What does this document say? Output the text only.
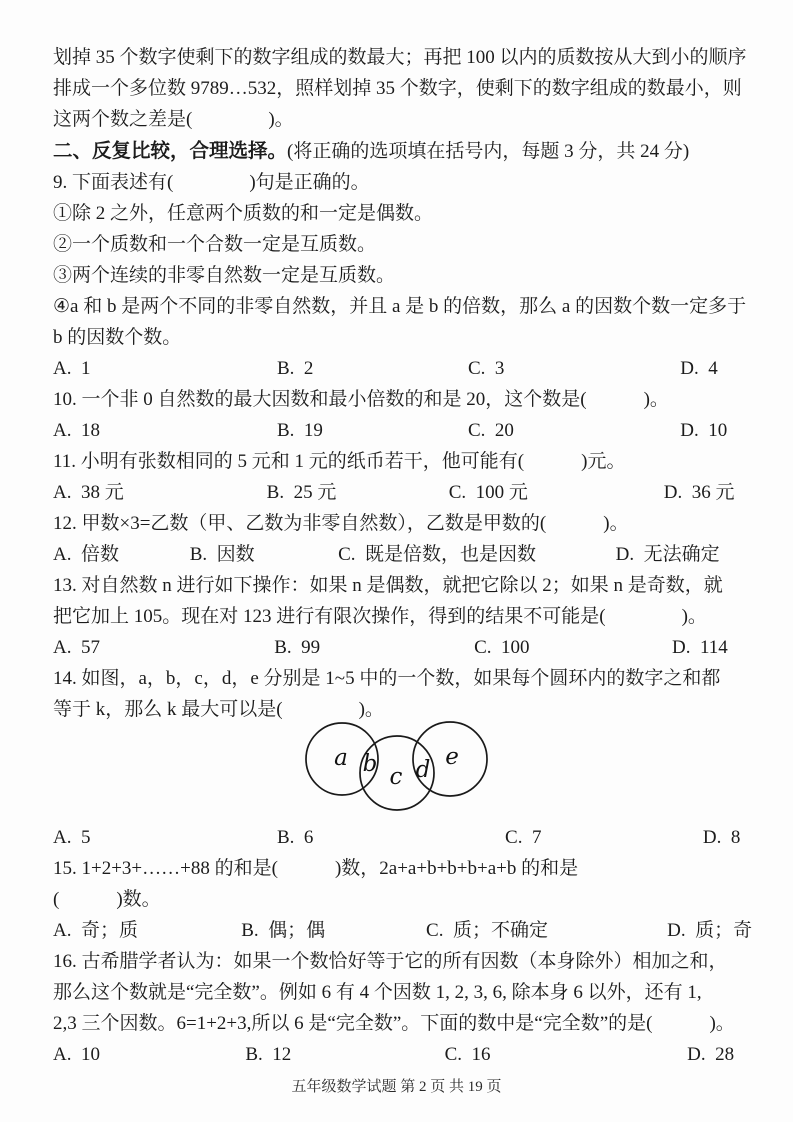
划掉 35 个数字使剩下的数字组成的数最大；再把 100 以内的质数按从大到小的顺序
排成一个多位数 9789…532，照样划掉 35 个数字，使剩下的数字组成的数最小，则
这两个数之差是(　　　　)。
二、反复比较，合理选择。(将正确的选项填在括号内，每题 3 分，共 24 分)
9. 下面表述有(　　　　)句是正确的。
①除 2 之外，任意两个质数的和一定是偶数。
②一个质数和一个合数一定是互质数。
③两个连续的非零自然数一定是互质数。
④a 和 b 是两个不同的非零自然数，并且 a 是 b 的倍数，那么 a 的因数个数一定多于
b 的因数个数。
A.  1	B.  2	C.  3	D.  4
10. 一个非 0 自然数的最大因数和最小倍数的和是 20，这个数是(　　　)。
A.  18	B.  19	C.  20	D.  10
11. 小明有张数相同的 5 元和 1 元的纸币若干，他可能有(　　　)元。
A.  38 元	B.  25 元	C.  100 元	D.  36 元
12. 甲数×3=乙数（甲、乙数为非零自然数），乙数是甲数的(　　　)。
A.  倍数	B.  因数	C.  既是倍数，也是因数	D.  无法确定
13. 对自然数 n 进行如下操作：如果 n 是偶数，就把它除以 2；如果 n 是奇数，就
把它加上 105。现在对 123 进行有限次操作，得到的结果不可能是(　　　　)。
A.  57	B.  99	C.  100	D.  114
14. 如图，a，b，c，d，e 分别是 1~5 中的一个数，如果每个圆环内的数字之和都
等于 k，那么 k 最大可以是(　　　　)。
a b c d e
A.  5	B.  6	C.  7	D.  8
15. 1+2+3+……+88 的和是(　　　)数，2a+a+b+b+b+a+b 的和是
(　　　)数。
A.  奇；质	B.  偶；偶	C.  质；不确定	D.  质；奇
16. 古希腊学者认为：如果一个数恰好等于它的所有因数（本身除外）相加之和，
那么这个数就是“完全数”。例如 6 有 4 个因数 1, 2, 3, 6, 除本身 6 以外，还有 1,
2,3 三个因数。6=1+2+3,所以 6 是“完全数”。下面的数中是“完全数”的是(　　　)。
A.  10	B.  12	C.  16	D.  28
五年级数学试题 第 2 页 共 19 页
